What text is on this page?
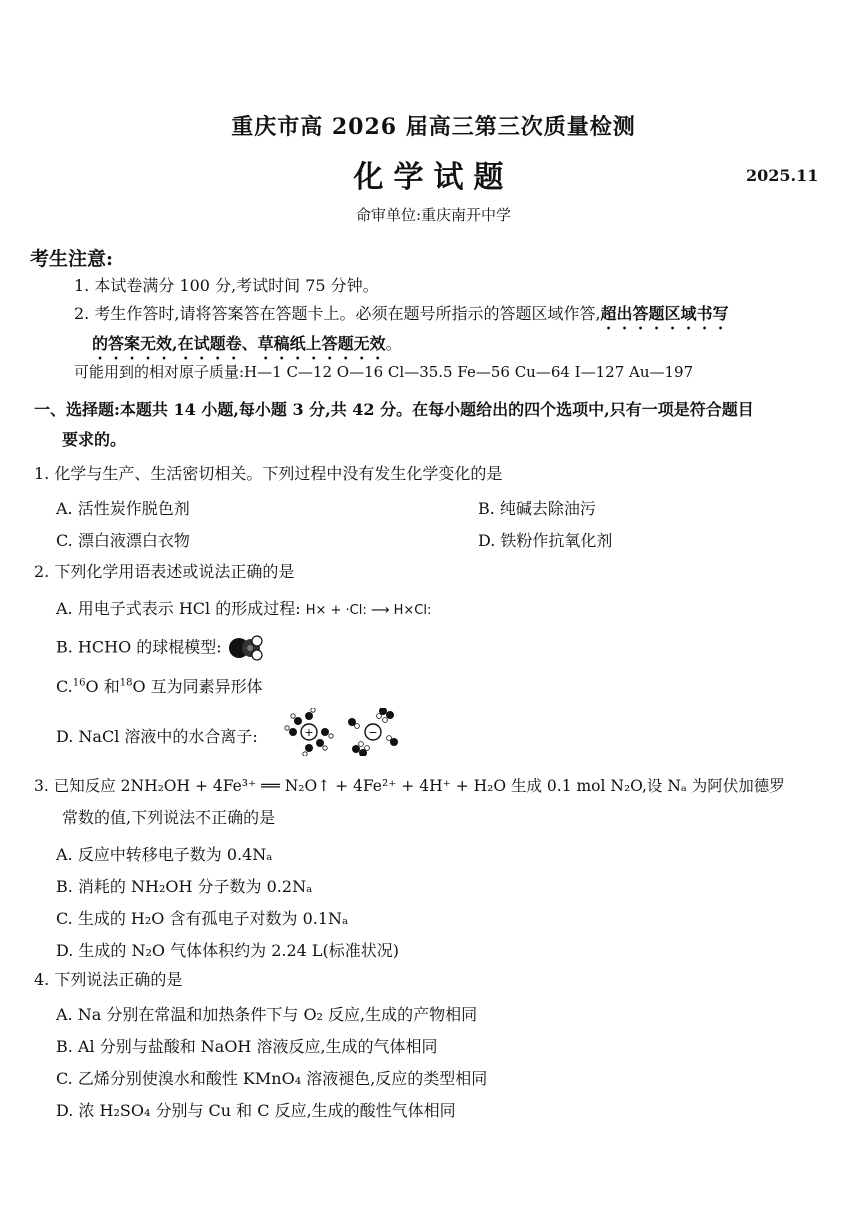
重庆市高 2026 届高三第三次质量检测
化学试题	2025.11
命审单位:重庆南开中学
考生注意:
1. 本试卷满分 100 分,考试时间 75 分钟。
2. 考生作答时,请将答案答在答题卡上。必须在题号所指示的答题区域作答,超出答题区域书写
的答案无效,在试题卷、草稿纸上答题无效。
可能用到的相对原子质量:H—1 C—12 O—16 Cl—35.5 Fe—56 Cu—64 I—127 Au—197
一、选择题:本题共 14 小题,每小题 3 分,共 42 分。在每小题给出的四个选项中,只有一项是符合题目
要求的。
1. 化学与生产、生活密切相关。下列过程中没有发生化学变化的是
A. 活性炭作脱色剂	B. 纯碱去除油污
C. 漂白液漂白衣物	D. 铁粉作抗氧化剂
2. 下列化学用语表述或说法正确的是
A. 用电子式表示 HCl 的形成过程: H× + ·Cl: ⟶ H×Cl:
B. HCHO 的球棍模型:
C.$^{16}$O 和$^{18}$O 互为同素异形体
D. NaCl 溶液中的水合离子:	+	−
3. 已知反应 2NH₂OH + 4Fe³⁺ ══ N₂O↑ + 4Fe²⁺ + 4H⁺ + H₂O 生成 0.1 mol N₂O,设 Nₐ 为阿伏加德罗
常数的值,下列说法不正确的是
A. 反应中转移电子数为 0.4Nₐ
B. 消耗的 NH₂OH 分子数为 0.2Nₐ
C. 生成的 H₂O 含有孤电子对数为 0.1Nₐ
D. 生成的 N₂O 气体体积约为 2.24 L(标准状况)
4. 下列说法正确的是
A. Na 分别在常温和加热条件下与 O₂ 反应,生成的产物相同
B. Al 分别与盐酸和 NaOH 溶液反应,生成的气体相同
C. 乙烯分别使溴水和酸性 KMnO₄ 溶液褪色,反应的类型相同
D. 浓 H₂SO₄ 分别与 Cu 和 C 反应,生成的酸性气体相同
